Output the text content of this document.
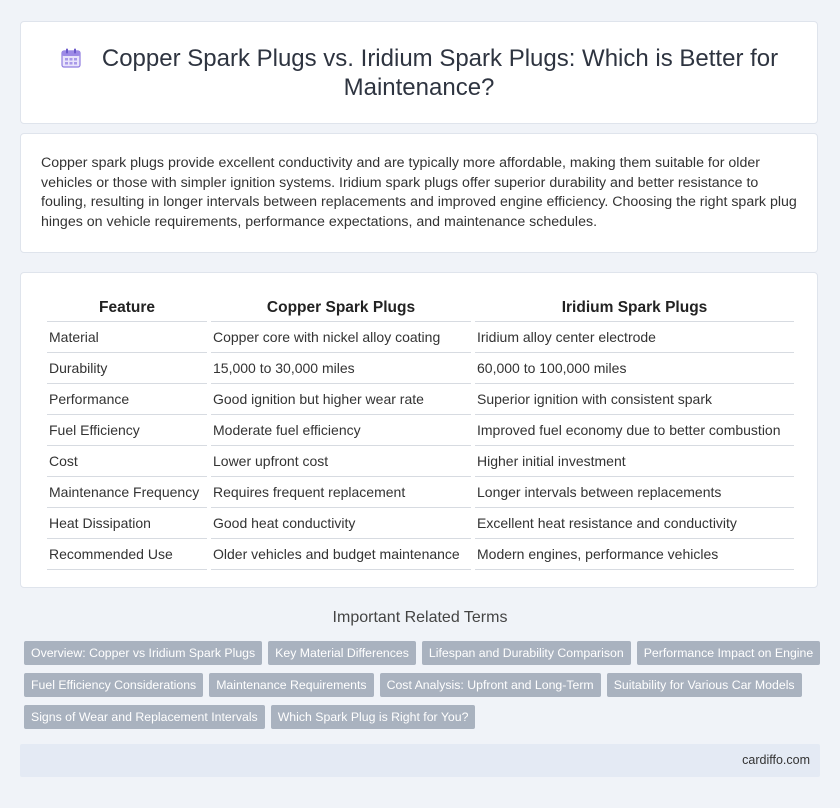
Copper Spark Plugs vs. Iridium Spark Plugs: Which is Better for Maintenance?
Copper spark plugs provide excellent conductivity and are typically more affordable, making them suitable for older vehicles or those with simpler ignition systems. Iridium spark plugs offer superior durability and better resistance to fouling, resulting in longer intervals between replacements and improved engine efficiency. Choosing the right spark plug hinges on vehicle requirements, performance expectations, and maintenance schedules.
Feature	Copper Spark Plugs	Iridium Spark Plugs
Material	Copper core with nickel alloy coating	Iridium alloy center electrode
Durability	15,000 to 30,000 miles	60,000 to 100,000 miles
Performance	Good ignition but higher wear rate	Superior ignition with consistent spark
Fuel Efficiency	Moderate fuel efficiency	Improved fuel economy due to better combustion
Cost	Lower upfront cost	Higher initial investment
Maintenance Frequency	Requires frequent replacement	Longer intervals between replacements
Heat Dissipation	Good heat conductivity	Excellent heat resistance and conductivity
Recommended Use	Older vehicles and budget maintenance	Modern engines, performance vehicles
Important Related Terms
Overview: Copper vs Iridium Spark Plugs Key Material Differences Lifespan and Durability Comparison Performance Impact on Engine
Fuel Efficiency Considerations Maintenance Requirements Cost Analysis: Upfront and Long-Term Suitability for Various Car Models
Signs of Wear and Replacement Intervals Which Spark Plug is Right for You?
cardiffo.com
